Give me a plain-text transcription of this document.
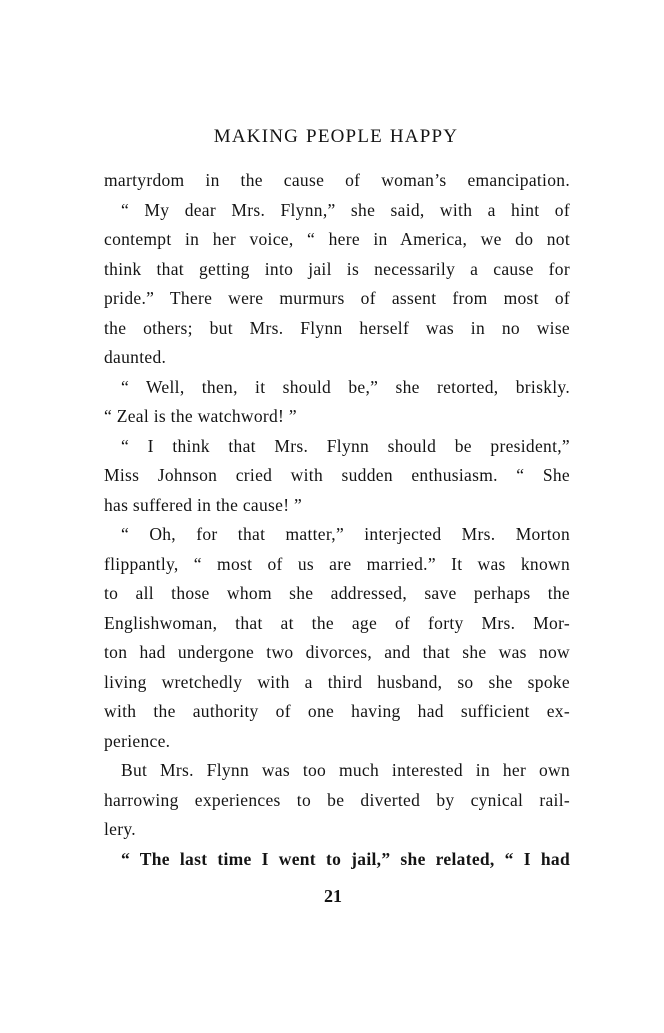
MAKING PEOPLE HAPPY
martyrdom in the cause of woman’s emancipation.
“ My dear Mrs. Flynn,” she said, with a hint of
contempt in her voice, “ here in America, we do not
think that getting into jail is necessarily a cause for
pride.” There were murmurs of assent from most of
the others; but Mrs. Flynn herself was in no wise
daunted.
“ Well, then, it should be,” she retorted, briskly.
“ Zeal is the watchword! ”
“ I think that Mrs. Flynn should be president,”
Miss Johnson cried with sudden enthusiasm. “ She
has suffered in the cause! ”
“ Oh, for that matter,” interjected Mrs. Morton
flippantly, “ most of us are married.” It was known
to all those whom she addressed, save perhaps the
Englishwoman, that at the age of forty Mrs. Mor-
ton had undergone two divorces, and that she was now
living wretchedly with a third husband, so she spoke
with the authority of one having had sufficient ex-
perience.
But Mrs. Flynn was too much interested in her own
harrowing experiences to be diverted by cynical rail-
lery.
“ The last time I went to jail,” she related, “ I had
21
